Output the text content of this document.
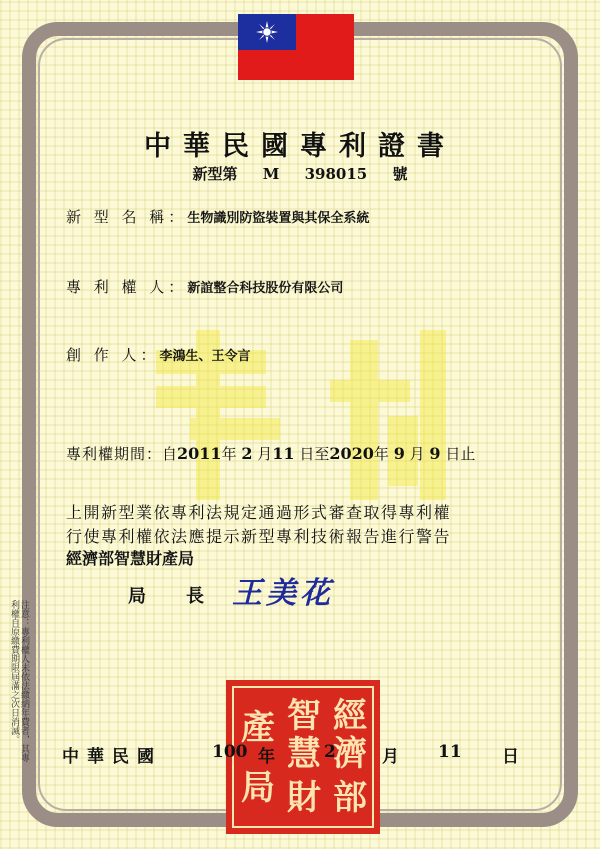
中華民國專利證書
新型第 M 398015 號
新 型 名 稱：生物識別防盜裝置與其保全系統
專 利 權 人：新誼整合科技股份有限公司
創 作 人：李鴻生、王令言
專利權期間：自2011年 2 月11 日至2020年 9 月 9 日止
上開新型業依專利法規定通過形式審查取得專利權
行使專利權依法應提示新型專利技術報告進行警告
經濟部智慧財產局
局長
王美花
經
濟
智
部
財
慧
產
局
中華民國	100 年	2	月 11 日
注意：專利權人未依法繳納年費者，其專利權自原繳費期限屆滿之次日消滅。
